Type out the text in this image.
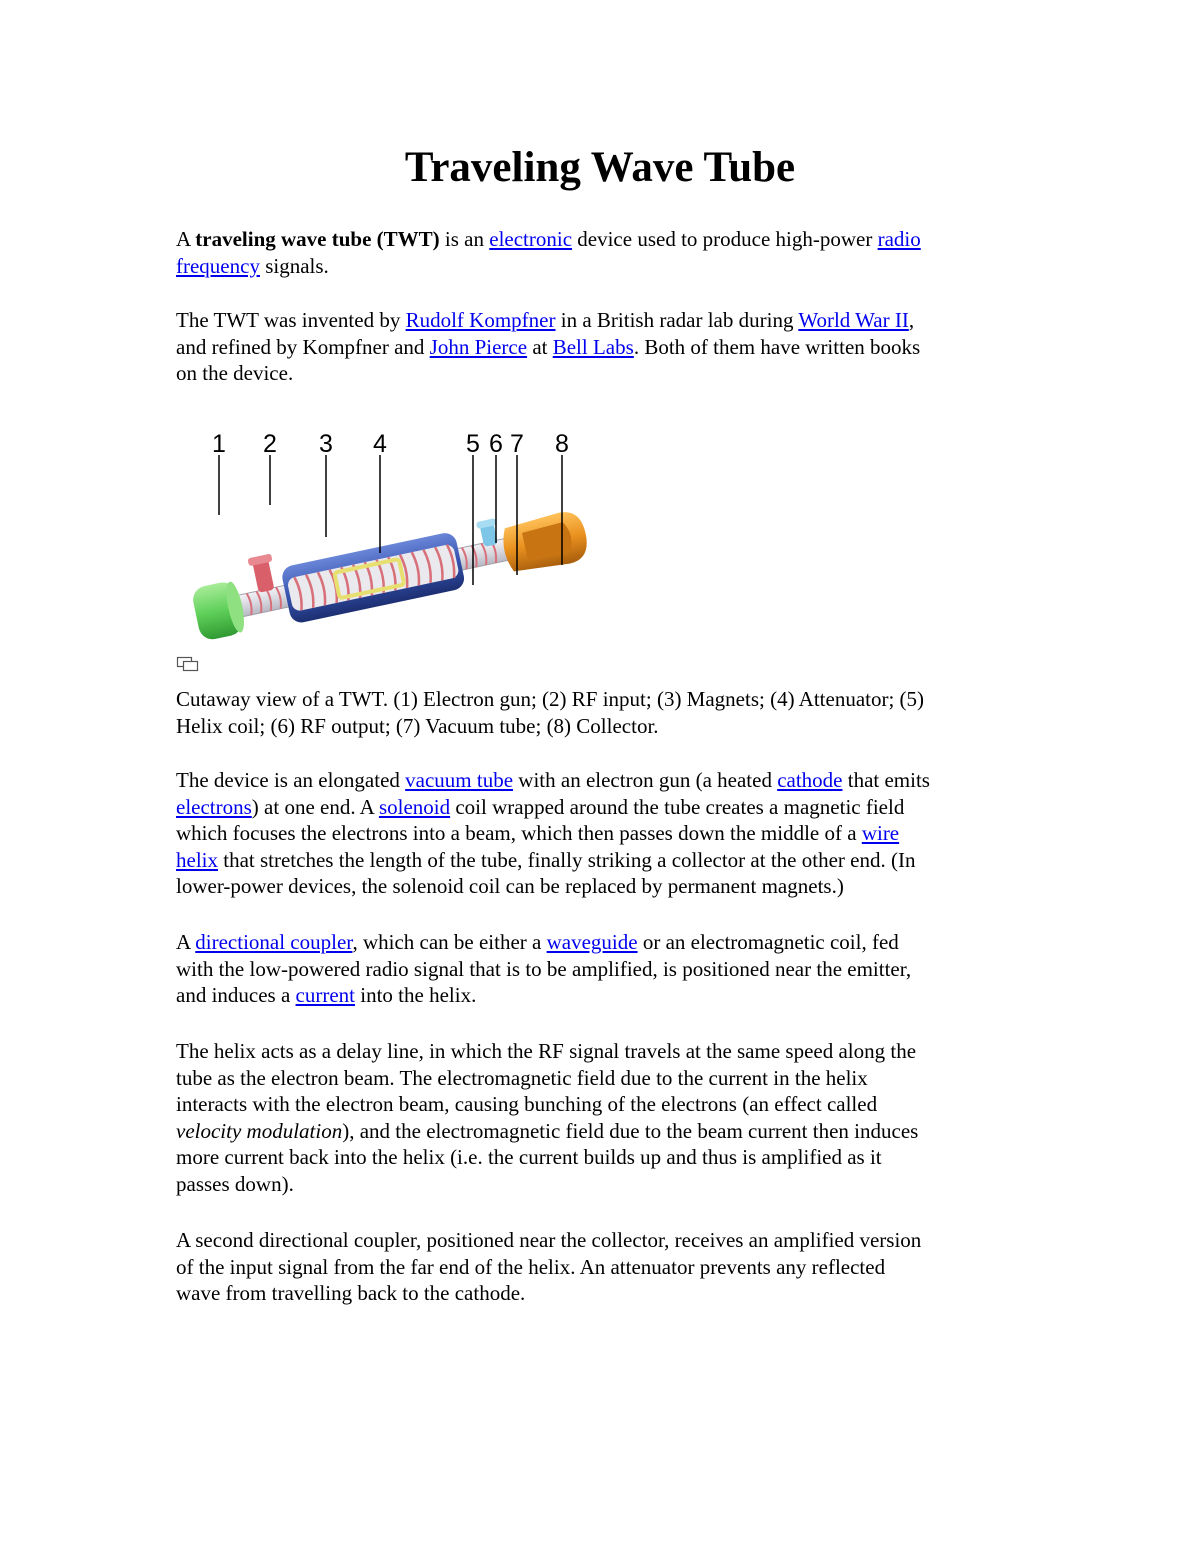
Traveling Wave Tube

A traveling wave tube (TWT) is an electronic device used to produce high-power radio
frequency signals.

The TWT was invented by Rudolf Kompfner in a British radar lab during World War II,
and refined by Kompfner and John Pierce at Bell Labs. Both of them have written books
on the device.

1 2 3 4	5 6 7 8

Cutaway view of a TWT. (1) Electron gun; (2) RF input; (3) Magnets; (4) Attenuator; (5)
Helix coil; (6) RF output; (7) Vacuum tube; (8) Collector.

The device is an elongated vacuum tube with an electron gun (a heated cathode that emits
electrons) at one end. A solenoid coil wrapped around the tube creates a magnetic field
which focuses the electrons into a beam, which then passes down the middle of a wire
helix that stretches the length of the tube, finally striking a collector at the other end. (In
lower-power devices, the solenoid coil can be replaced by permanent magnets.)

A directional coupler, which can be either a waveguide or an electromagnetic coil, fed
with the low-powered radio signal that is to be amplified, is positioned near the emitter,
and induces a current into the helix.

The helix acts as a delay line, in which the RF signal travels at the same speed along the
tube as the electron beam. The electromagnetic field due to the current in the helix
interacts with the electron beam, causing bunching of the electrons (an effect called
velocity modulation), and the electromagnetic field due to the beam current then induces
more current back into the helix (i.e. the current builds up and thus is amplified as it
passes down).

A second directional coupler, positioned near the collector, receives an amplified version
of the input signal from the far end of the helix. An attenuator prevents any reflected
wave from travelling back to the cathode.
